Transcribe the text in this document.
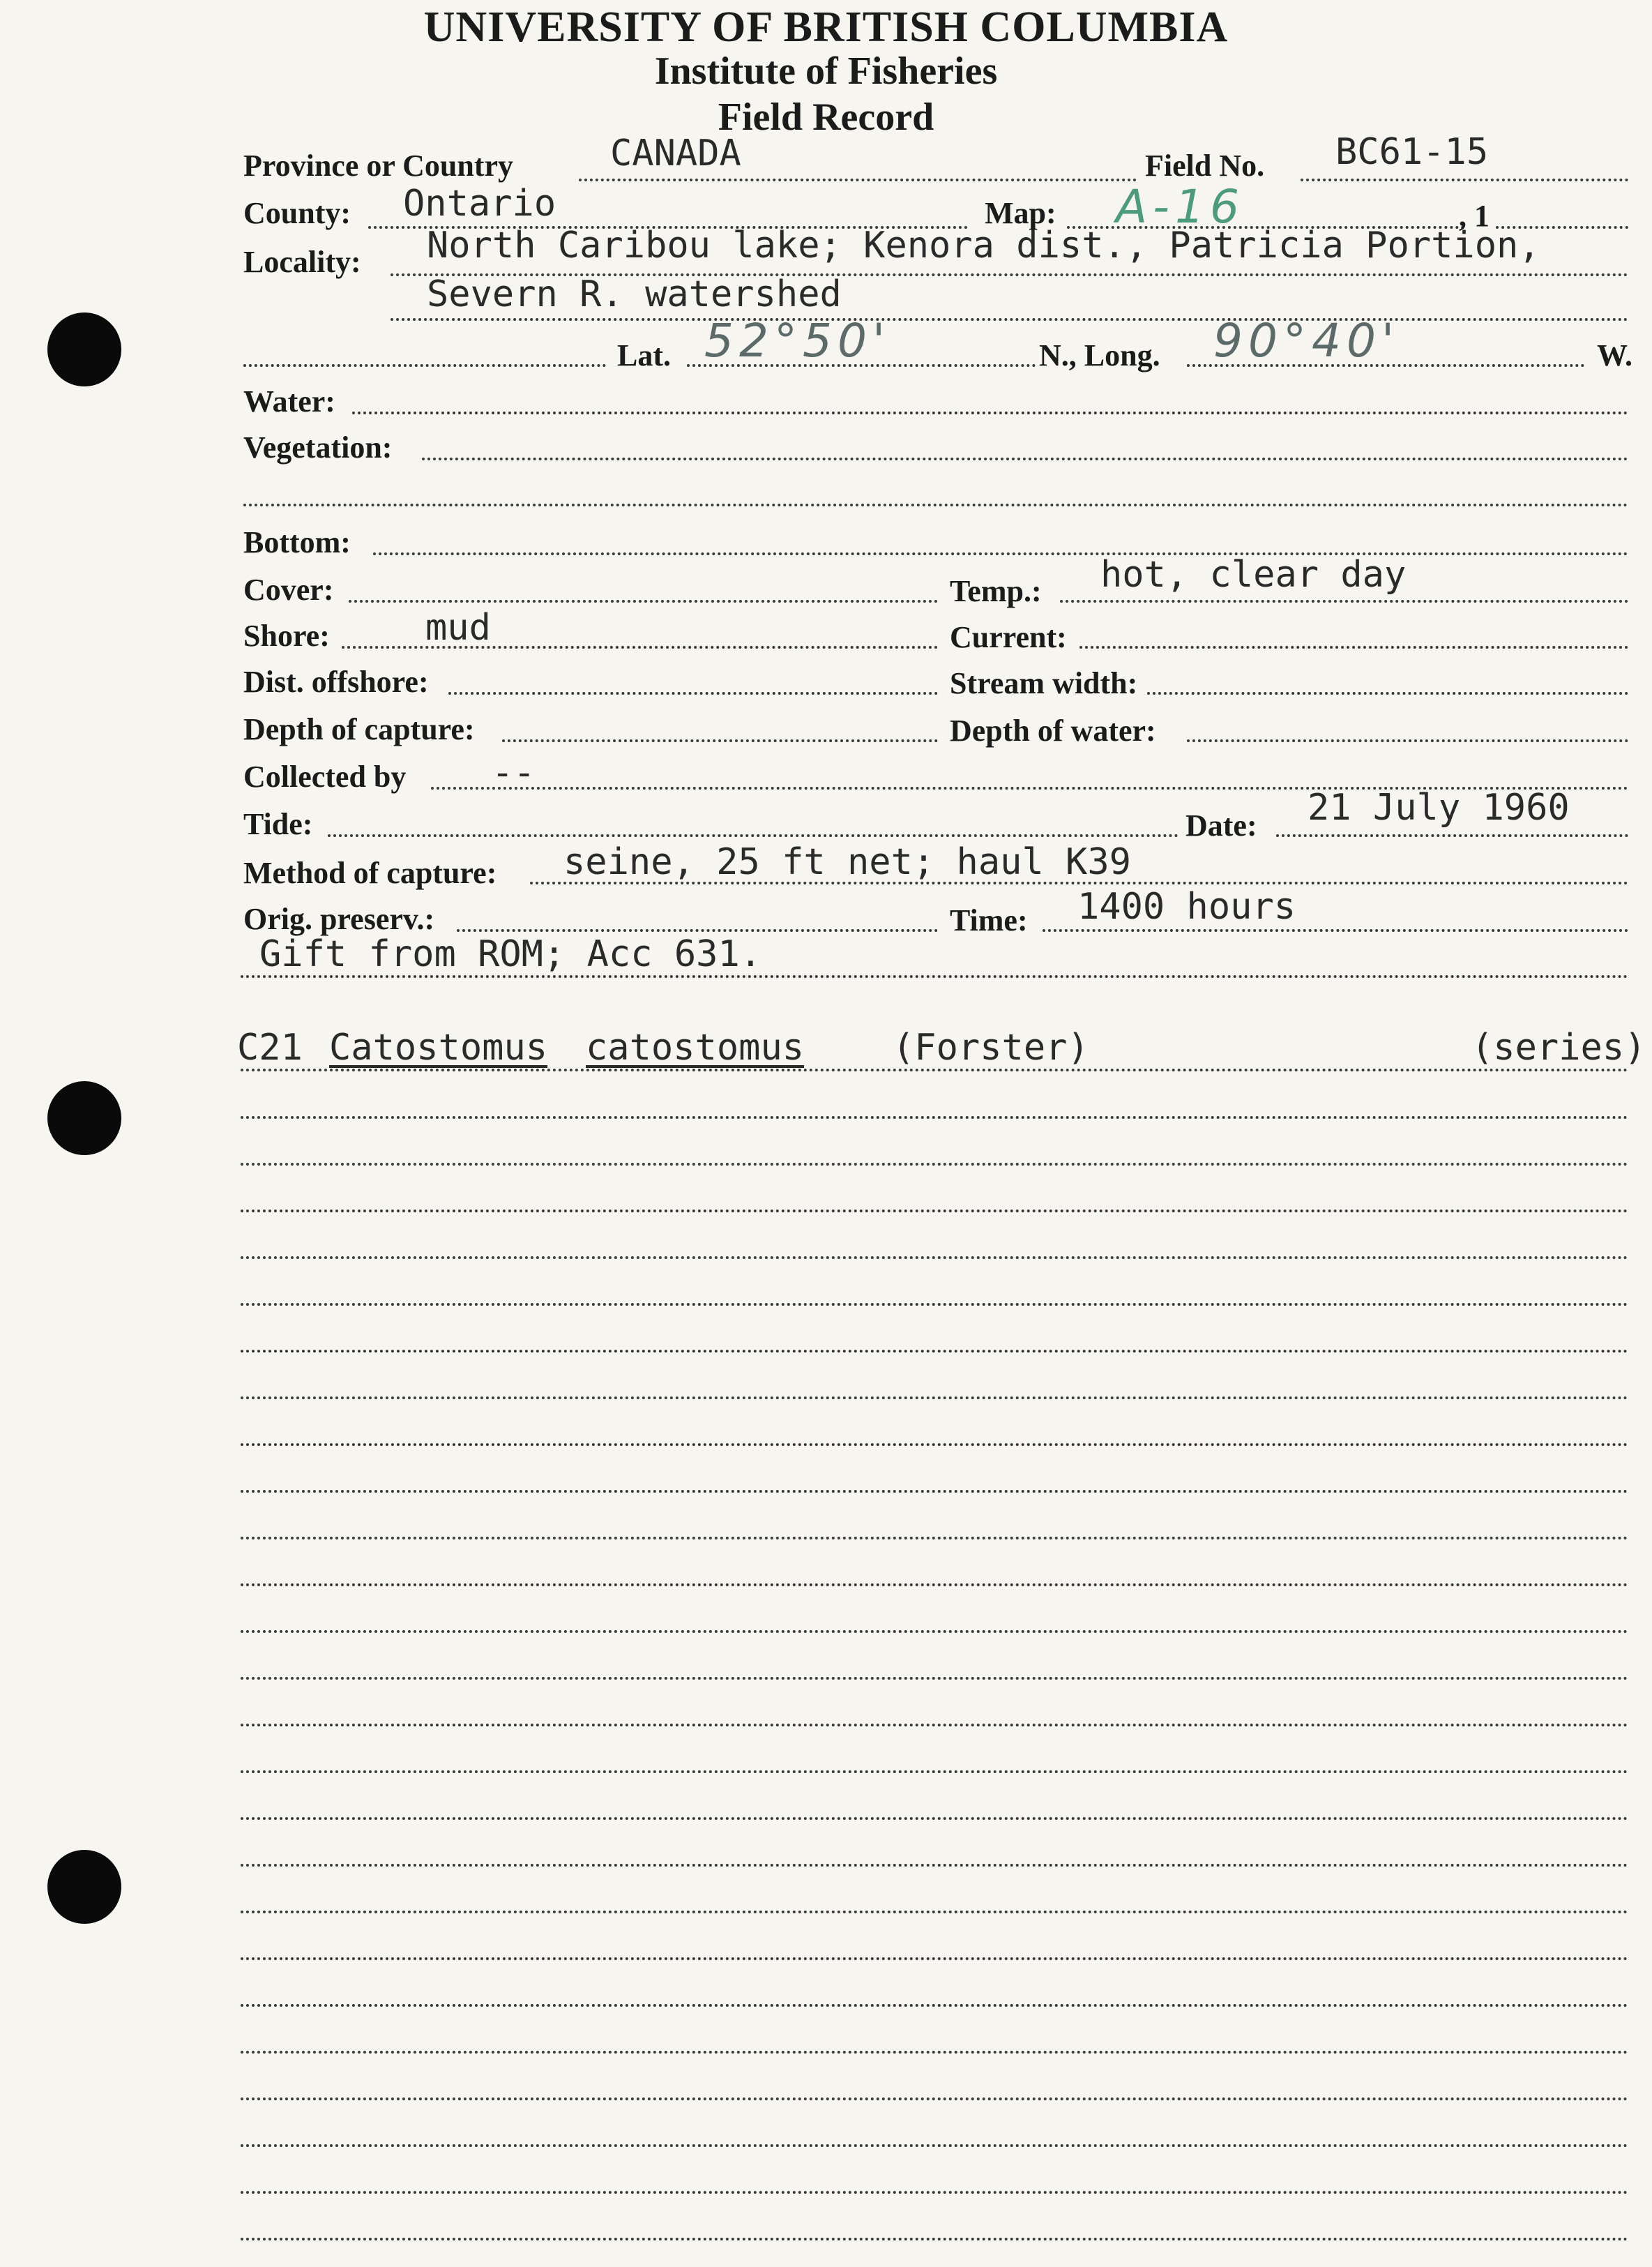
UNIVERSITY OF BRITISH COLUMBIA
Institute of Fisheries
Field Record
Province or Country	CANADA	Field No. BC61-15
County: Ontario	Map: A-16	, 1
Locality: North Caribou lake; Kenora dist., Patricia Portion,
Severn R. watershed
Lat. 52°50'	N., Long. 90°40'	W.
Water:
Vegetation:
Bottom:
Cover:	Temp.: hot, clear day
Shore:	mud	Current:
Dist. offshore:	Stream width:
Depth of capture:	Depth of water:
Collected by --
Tide:	Date: 21 July 1960
Method of capture: seine, 25 ft net; haul K39
Orig. preserv.:	Time: 1400 hours
Gift from ROM; Acc 631.
C21 Catostomus catostomus (Forster)	(series)
